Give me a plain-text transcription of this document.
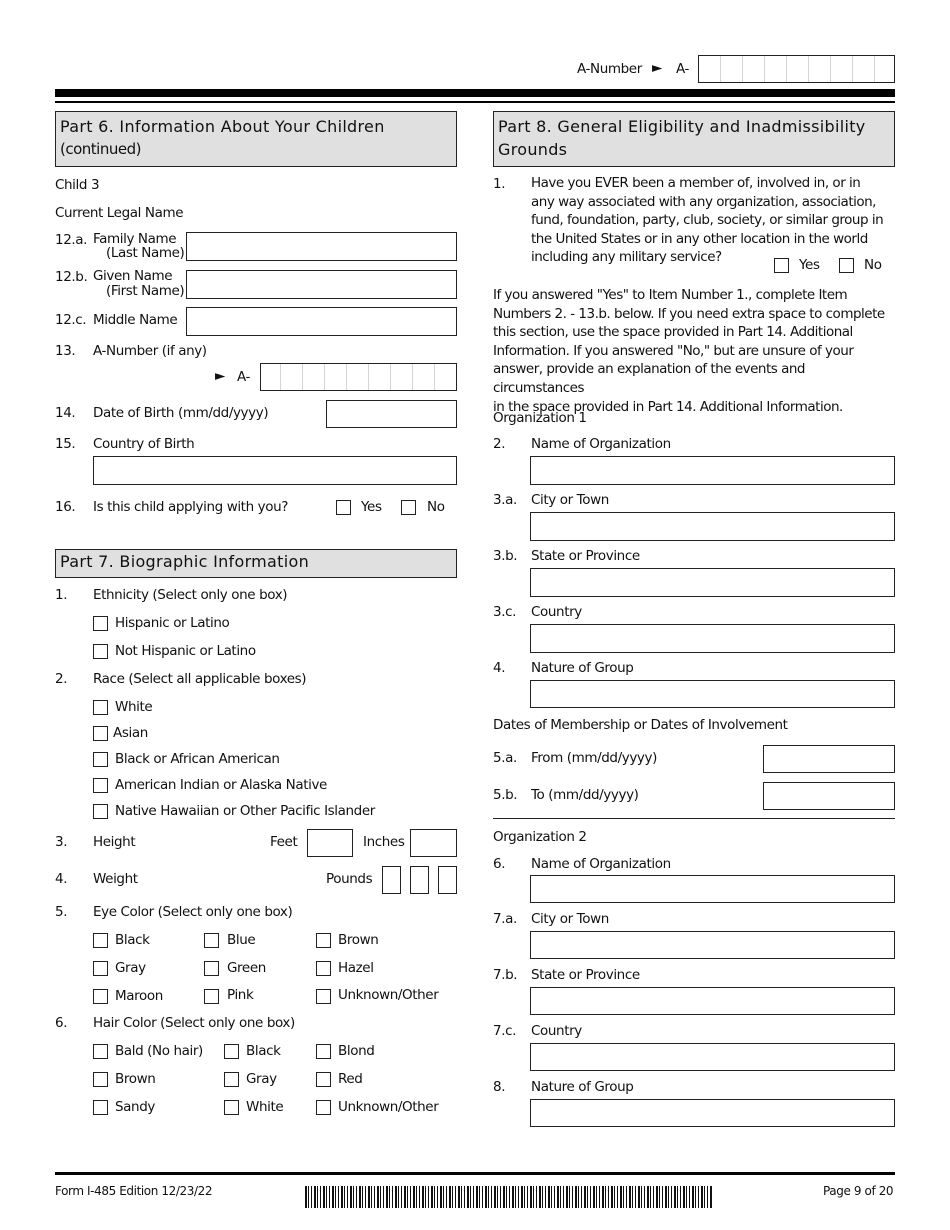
A-Number ► A-
Part 6. Information About Your Children
(continued)
Child 3
Current Legal Name
12.a. Family Name
(Last Name)
12.b. Given Name
(First Name)
12.c. Middle Name
13. A-Number (if any)
► A-
14. Date of Birth (mm/dd/yyyy)
15. Country of Birth
16. Is this child applying with you?	Yes	No
Part 7. Biographic Information
1. Ethnicity (Select only one box)
Hispanic or Latino
Not Hispanic or Latino
2. Race (Select all applicable boxes)
White
Asian
Black or African American
American Indian or Alaska Native
Native Hawaiian or Other Pacific Islander
3. Height	Feet	Inches
4. Weight	Pounds
5. Eye Color (Select only one box)
Black	Blue	Brown
Gray	Green	Hazel
Maroon	Pink	Unknown/Other
6. Hair Color (Select only one box)
Bald (No hair)	Black	Blond
Brown	Gray	Red
Sandy	White	Unknown/Other
Part 8. General Eligibility and Inadmissibility
Grounds
1. Have you EVER been a member of, involved in, or in
any way associated with any organization, association,
fund, foundation, party, club, society, or similar group in
the United States or in any other location in the world
including any military service?	Yes	No
If you answered "Yes" to Item Number 1., complete Item
Numbers 2. - 13.b. below. If you need extra space to complete
this section, use the space provided in Part 14. Additional
Information. If you answered "No," but are unsure of your
answer, provide an explanation of the events and circumstances
in the space provided in Part 14. Additional Information.
Organization 1
2. Name of Organization
3.a. City or Town
3.b. State or Province
3.c. Country
4. Nature of Group
Dates of Membership or Dates of Involvement
5.a. From (mm/dd/yyyy)
5.b. To (mm/dd/yyyy)
Organization 2
6. Name of Organization
7.a. City or Town
7.b. State or Province
7.c. Country
8. Nature of Group
Form I-485 Edition 12/23/22	Page 9 of 20
